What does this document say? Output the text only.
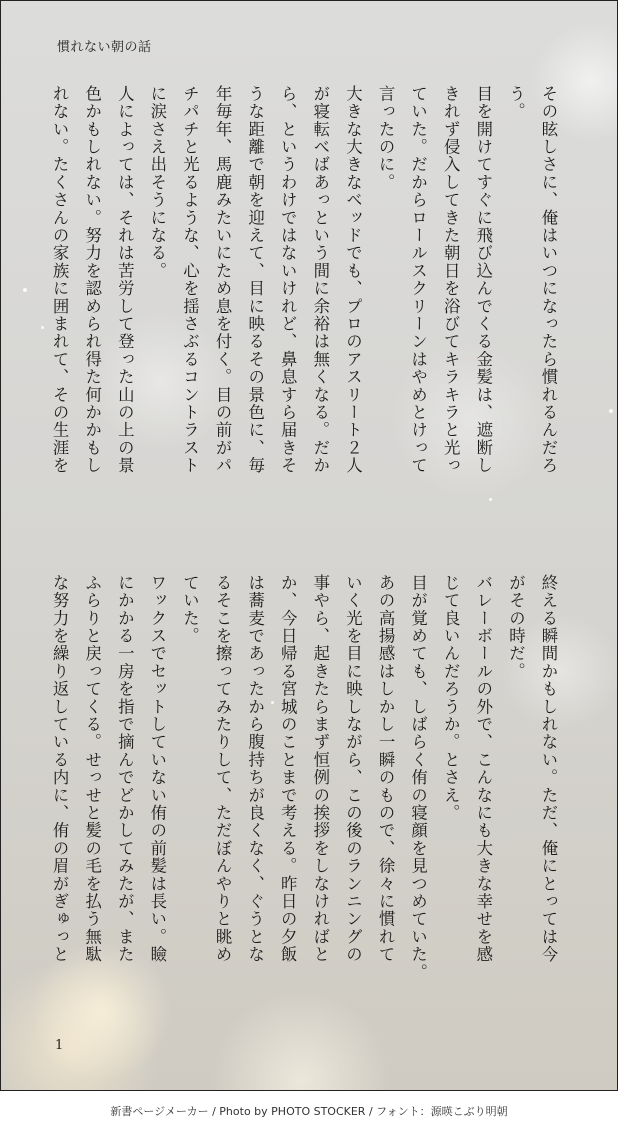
慣れない朝の話
その眩しさに、俺はいつになったら慣れるんだろ
う。
目を開けてすぐに飛び込んでくる金髪は、遮断し
きれず侵入してきた朝日を浴びてキラキラと光っ
ていた。だからロールスクリーンはやめとけって
言ったのに。
大きな大きなベッドでも、プロのアスリート２人
が寝転べばあっという間に余裕は無くなる。だか
ら、というわけではないけれど、鼻息すら届きそ
うな距離で朝を迎えて、目に映るその景色に、毎
年毎年、馬鹿みたいにため息を付く。目の前がパ
チパチと光るような、心を揺さぶるコントラスト
に涙さえ出そうになる。
人によっては、それは苦労して登った山の上の景
色かもしれない。努力を認められ得た何かかもし
れない。たくさんの家族に囲まれて、その生涯を
終える瞬間かもしれない。ただ、俺にとっては今
がその時だ。
バレーボールの外で、こんなにも大きな幸せを感
じて良いんだろうか。とさえ。
目が覚めても、しばらく侑の寝顔を見つめていた。
あの高揚感はしかし一瞬のもので、徐々に慣れて
いく光を目に映しながら、この後のランニングの
事やら、起きたらまず恒例の挨拶をしなければと
か、今日帰る宮城のことまで考える。昨日の夕飯
は蕎麦であったから腹持ちが良くなく、ぐうとな
るそこを擦ってみたりして、ただぼんやりと眺め
ていた。
ワックスでセットしていない侑の前髪は長い。瞼
にかかる一房を指で摘んでどかしてみたが、また
ふらりと戻ってくる。せっせと髪の毛を払う無駄
な努力を繰り返している内に、侑の眉がぎゅっと
1
新書ページメーカー / Photo by PHOTO STOCKER / フォント：源暎こぶり明朝
